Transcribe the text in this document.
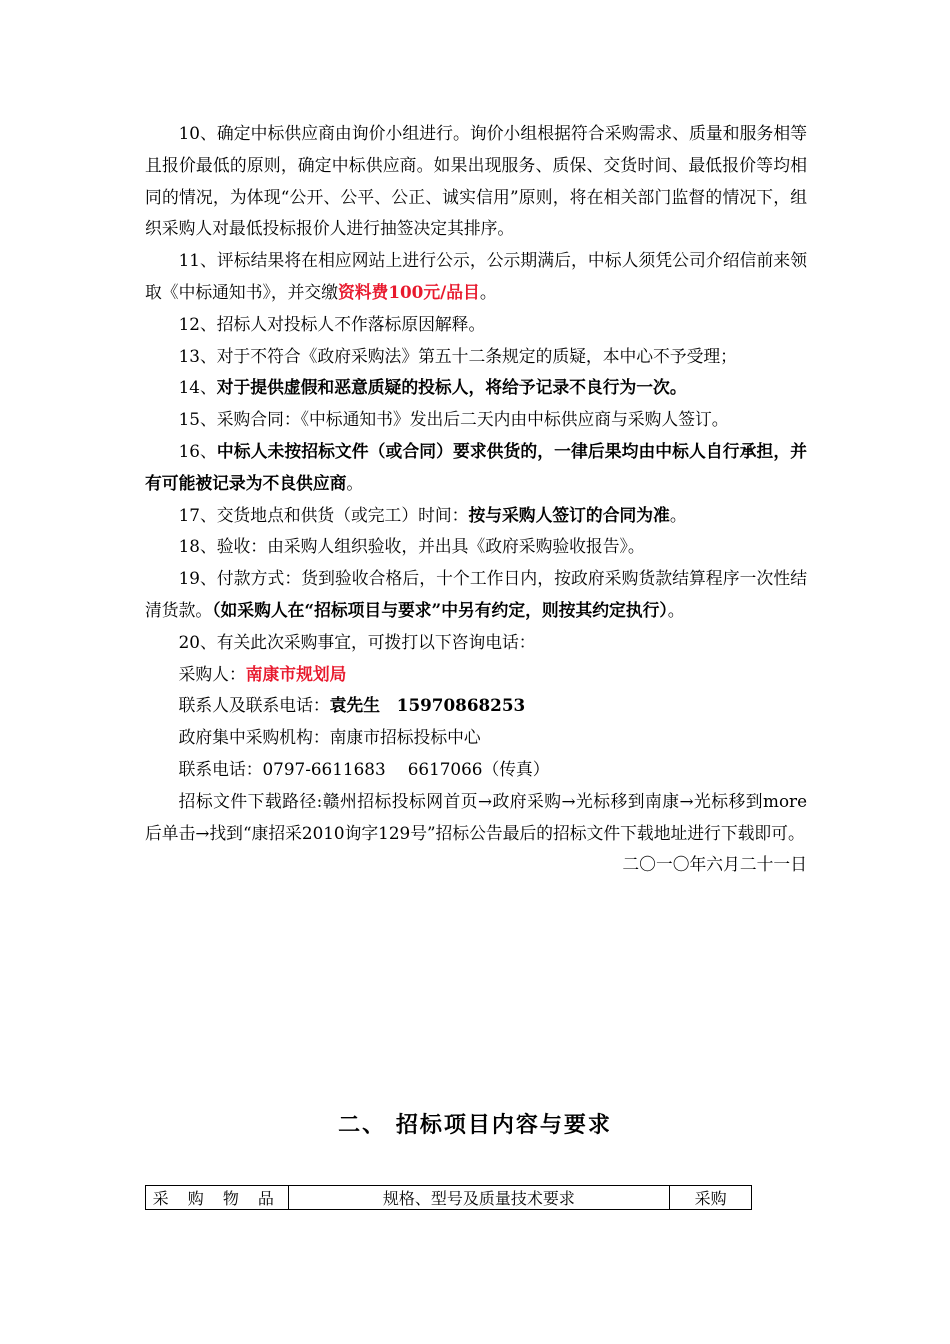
10、确定中标供应商由询价小组进行。询价小组根据符合采购需求、质量和服务相等且报价最低的原则，确定中标供应商。如果出现服务、质保、交货时间、最低报价等均相同的情况，为体现“公开、公平、公正、诚实信用”原则，将在相关部门监督的情况下，组织采购人对最低投标报价人进行抽签决定其排序。

11、评标结果将在相应网站上进行公示，公示期满后，中标人须凭公司介绍信前来领取《中标通知书》，并交缴资料费100元/品目。

12、招标人对投标人不作落标原因解释。

13、对于不符合《政府采购法》第五十二条规定的质疑，本中心不予受理；

14、对于提供虚假和恶意质疑的投标人，将给予记录不良行为一次。

15、采购合同：《中标通知书》发出后二天内由中标供应商与采购人签订。

16、中标人未按招标文件（或合同）要求供货的，一律后果均由中标人自行承担，并有可能被记录为不良供应商。

17、交货地点和供货（或完工）时间：按与采购人签订的合同为准。

18、验收：由采购人组织验收，并出具《政府采购验收报告》。

19、付款方式：货到验收合格后，十个工作日内，按政府采购货款结算程序一次性结清货款。（如采购人在“招标项目与要求”中另有约定，则按其约定执行）。

20、有关此次采购事宜，可拨打以下咨询电话：

采购人：南康市规划局

联系人及联系电话：袁先生　15970868253

政府集中采购机构：南康市招标投标中心

联系电话：0797-6611683　 6617066（传真）

招标文件下载路径:赣州招标投标网首页→政府采购→光标移到南康→光标移到more后单击→找到“康招采2010询字129号”招标公告最后的招标文件下载地址进行下载即可。

二〇一〇年六月二十一日

二、 招标项目内容与要求
采 购 物 品	规格、型号及质量技术要求	采购
